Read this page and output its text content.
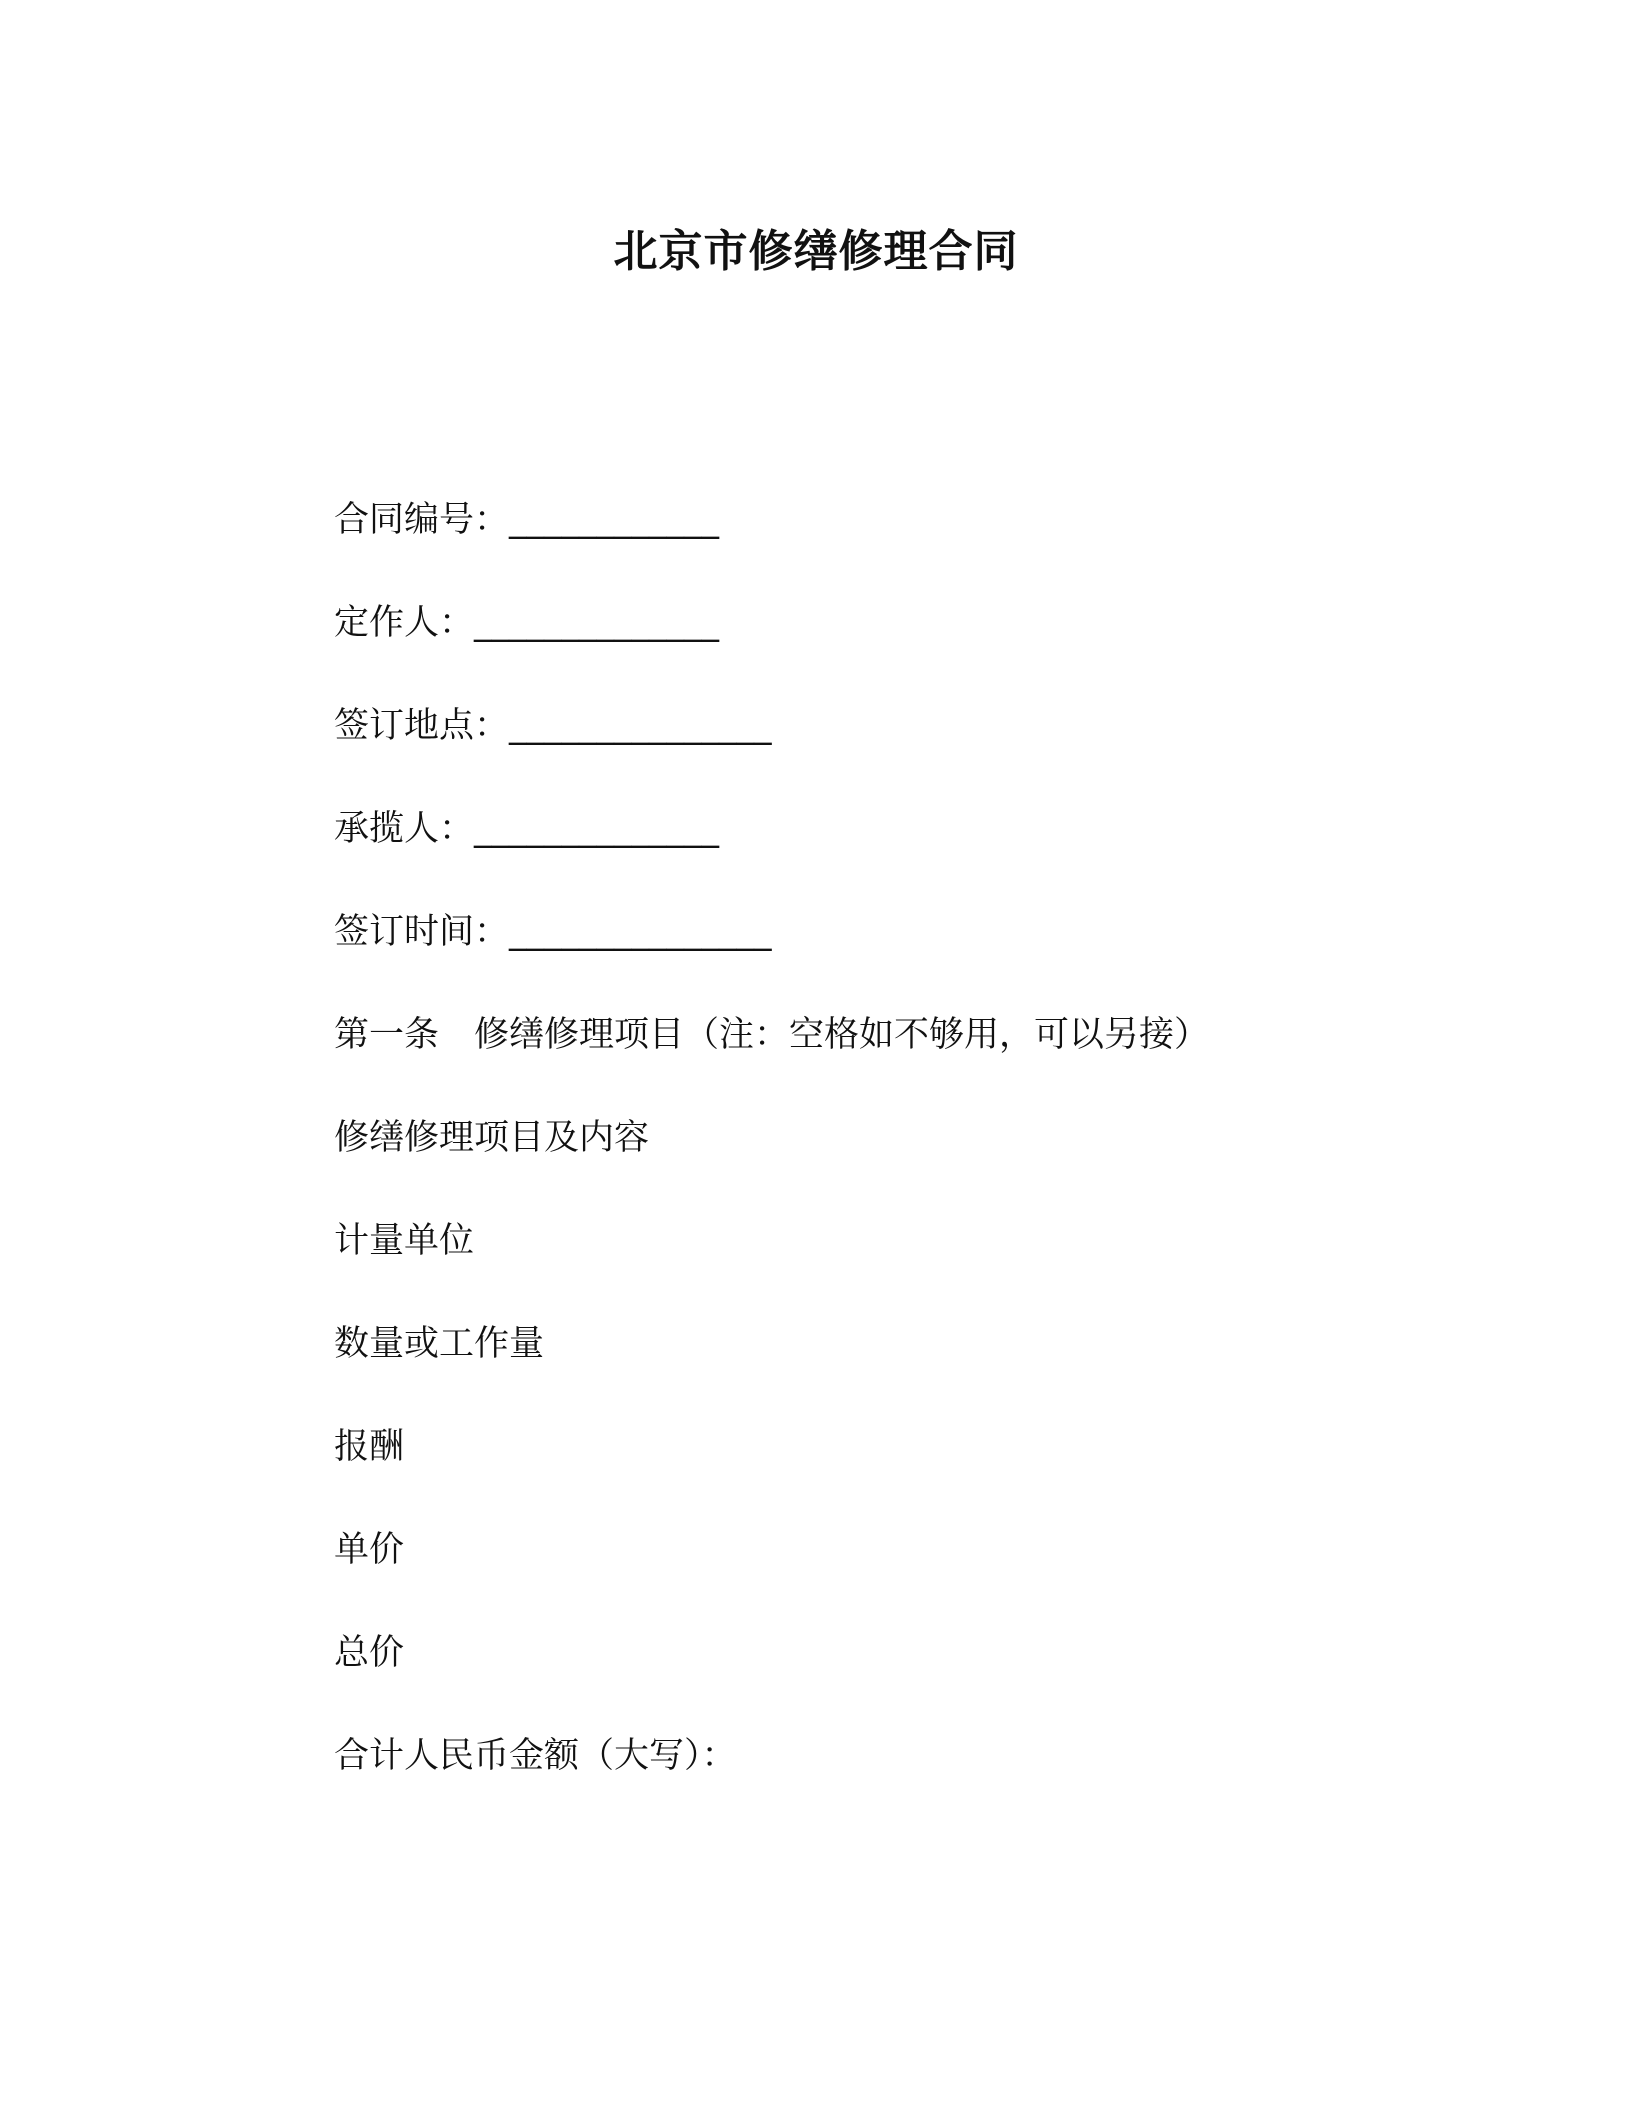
北京市修缮修理合同

合同编号：____________

定作人：______________

签订地点：_______________

承揽人：______________

签订时间：_______________

第一条　修缮修理项目（注：空格如不够用，可以另接）

修缮修理项目及内容

计量单位

数量或工作量

报酬

单价

总价

合计人民币金额（大写）：
